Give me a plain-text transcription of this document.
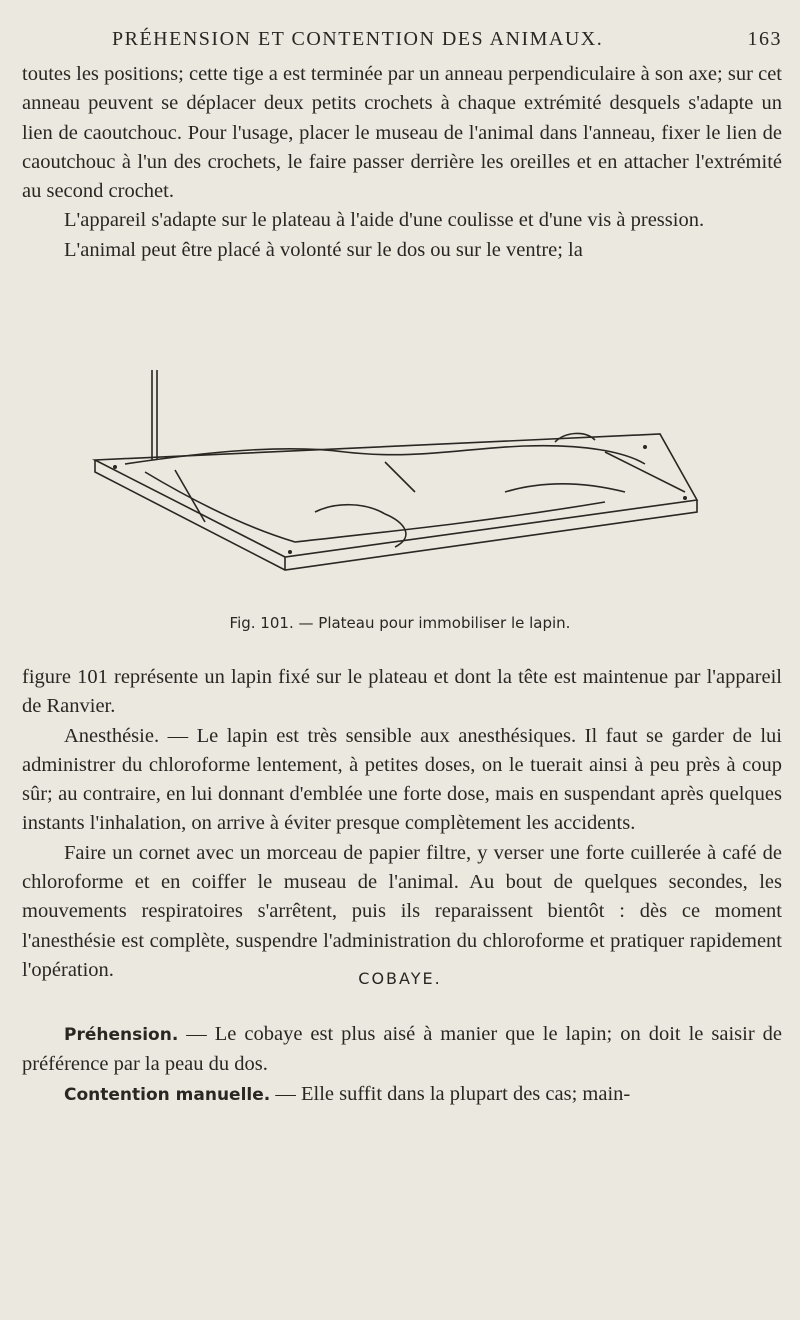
PRÉHENSION ET CONTENTION DES ANIMAUX.	163

toutes les positions; cette tige a est terminée par un anneau perpendiculaire à son axe; sur cet anneau peuvent se déplacer deux petits crochets à chaque extrémité desquels s'adapte un lien de caoutchouc. Pour l'usage, placer le museau de l'animal dans l'anneau, fixer le lien de caoutchouc à l'un des crochets, le faire passer derrière les oreilles et en attacher l'extrémité au second crochet.

L'appareil s'adapte sur le plateau à l'aide d'une coulisse et d'une vis à pression.

L'animal peut être placé à volonté sur le dos ou sur le ventre; la

Fig. 101. — Plateau pour immobiliser le lapin.

figure 101 représente un lapin fixé sur le plateau et dont la tête est maintenue par l'appareil de Ranvier.

Anesthésie. — Le lapin est très sensible aux anesthésiques. Il faut se garder de lui administrer du chloroforme lentement, à petites doses, on le tuerait ainsi à peu près à coup sûr; au contraire, en lui donnant d'emblée une forte dose, mais en suspendant après quelques instants l'inhalation, on arrive à éviter presque complètement les accidents.

Faire un cornet avec un morceau de papier filtre, y verser une forte cuillerée à café de chloroforme et en coiffer le museau de l'animal. Au bout de quelques secondes, les mouvements respiratoires s'arrêtent, puis ils reparaissent bientôt : dès ce moment l'anesthésie est complète, suspendre l'administration du chloroforme et pratiquer rapidement l'opération.	COBAYE.

Préhension. — Le cobaye est plus aisé à manier que le lapin; on doit le saisir de préférence par la peau du dos.

Contention manuelle. — Elle suffit dans la plupart des cas; main-
